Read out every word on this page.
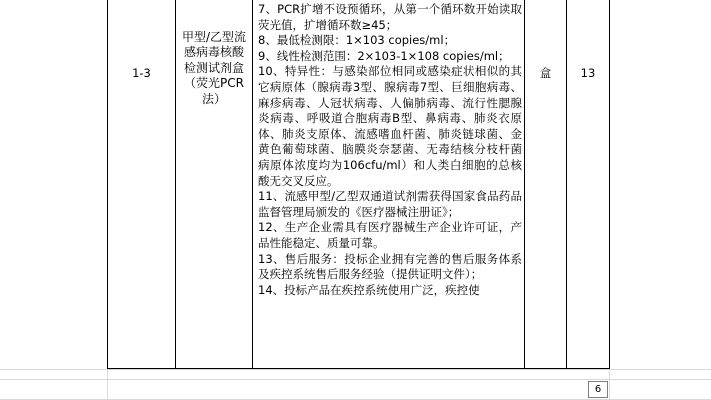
1-3
甲型/乙型流感病毒核酸检测试剂盒（荧光PCR法）

7、PCR扩增不设预循环，从第一个循环数开始读取荧光值，扩增循环数≥45；

8、最低检测限：1×103 copies/ml；

9、线性检测范围：2×103-1×108 copies/ml；

10、特异性：与感染部位相同或感染症状相似的其它病原体（腺病毒3型、腺病毒7型、巨细胞病毒、麻疹病毒、人冠状病毒、人偏肺病毒、流行性腮腺炎病毒、呼吸道合胞病毒B型、鼻病毒、肺炎衣原体、肺炎支原体、流感嗜血杆菌、肺炎链球菌、金黄色葡萄球菌、脑膜炎奈瑟菌、无毒结核分枝杆菌病原体浓度均为106cfu/ml）和人类白细胞的总核酸无交叉反应。

11、流感甲型/乙型双通道试剂需获得国家食品药品监督管理局颁发的《医疗器械注册证》；

12、生产企业需具有医疗器械生产企业许可证，产品性能稳定、质量可靠。

13、售后服务：投标企业拥有完善的售后服务体系及疾控系统售后服务经验（提供证明文件）；

14、投标产品在疾控系统使用广泛，疾控使

盒	13
6
